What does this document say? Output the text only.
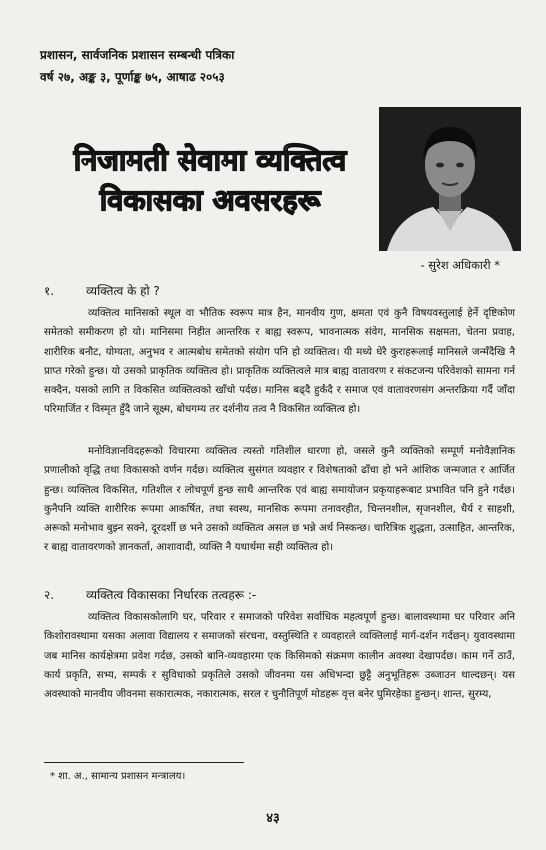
प्रशासन, सार्वजनिक प्रशासन सम्बन्धी पत्रिका
वर्ष २७, अङ्क ३, पूर्णाङ्क ७५, आषाढ २०५३
निजामती सेवामा व्यक्तित्व
विकासका अवसरहरू
- सुरेश अधिकारी *
१.	व्यक्तित्व के हो ?
व्यक्तित्व मानिसको स्थूल वा भौतिक स्वरूप मात्र हैन, मानवीय गुण, क्षमता एवं कुनै विषयवस्तुलाई हेर्ने दृष्टिकोण समेतको समीकरण हो यो। मानिसमा निहीत आन्तरिक र बाह्य स्वरूप, भावनात्मक संवेग, मानसिक सक्षमता, चेतना प्रवाह, शारीरिक बनौट, योग्यता, अनुभव र आत्मबोध समेतको संयोग पनि हो व्यक्तित्व। यी मध्ये धेरै कुराहरूलाई मानिसले जन्मँदैखि नै प्राप्त गरेको हुन्छ। यो उसको प्राकृतिक व्यक्तित्व हो। प्राकृतिक व्यक्तित्वले मात्र बाह्य वातावरण र संकटजन्य परिवेशको सामना गर्न सक्दैन, यसको लागि त विकसित व्यक्तित्वको खाँचो पर्दछ। मानिस बढ्दै हुर्कंदै र समाज एवं वातावरणसंग अन्तरक्रिया गर्दै जाँदा परिमार्जित र विस्मृत हुँदै जाने सूक्ष्म, बोधगम्य तर दर्शनीय तत्व नै विकसित व्यक्तित्व हो।
मनोविज्ञानविदहरूको विचारमा व्यक्तित्व त्यस्तो गतिशील धारणा हो, जसले कुनै व्यक्तिको सम्पूर्ण मनोवैज्ञानिक प्रणालीको वृद्धि तथा विकासको वर्णन गर्दछ। व्यक्तित्व सुसंगत व्यवहार र विशेषताको ढाँचा हो भने आंशिक जन्मजात र आर्जित हुन्छ। व्यक्तित्व विकसित, गतिशील र लोचपूर्ण हुन्छ साथै आन्तरिक एवं बाह्य समायोजन प्रकृयाहरूबाट प्रभावित पनि हुने गर्दछ। कुनैपनि व्यक्ति शारीरिक रूपमा आकर्षित, तथा स्वस्थ, मानसिक रूपमा तनावरहीत, चिन्तनशील, सृजनशील, धैर्य र साहशी, अरूको मनोभाव बुझ्न सक्ने, दूरदर्शी छ भने उसको व्यक्तित्व असल छ भन्ने अर्थ निस्कन्छ। चारित्रिक शुद्धता, उत्साहित, आन्तरिक, र बाह्य वातावरणको ज्ञानकर्ता, आशावादी, व्यक्ति नै यथार्थमा सही व्यक्तित्व हो।
२.	व्यक्तित्व विकासका निर्धारक तत्वहरू :-
व्यक्तित्व विकासकोलागि घर, परिवार र समाजको परिवेश सर्वाधिक महत्वपूर्ण हुन्छ। बालावस्थामा घर परिवार अनि किशोरावस्थामा यसका अलावा विद्यालय र समाजको संरचना, वस्तुस्थिति र व्यवहारले व्यक्तिलाई मार्ग-दर्शन गर्दछन्। युवावस्थामा जब मानिस कार्यक्षेत्रमा प्रवेश गर्दछ, उसको बानि-व्यवहारमा एक किसिमको संक्रमण कालीन अवस्था देखापर्दछ। काम गर्ने ठाउँ, कार्य प्रकृति, सभ्य, सम्पर्क र सुविधाको प्रकृतिले उसको जीवनमा यस अधिभन्दा छुट्टै अनुभूतिहरू उब्जाउन थाल्दछन्। यस अवस्थाको मानवीय जीवनमा सकारात्मक, नकारात्मक, सरल र चुनौतिपूर्ण मोडहरू वृत्त बनेर घुमिरहेका हुन्छन्। शान्त, सुरम्य,
* शा. अ., सामान्य प्रशासन मन्त्रालय।
४३
